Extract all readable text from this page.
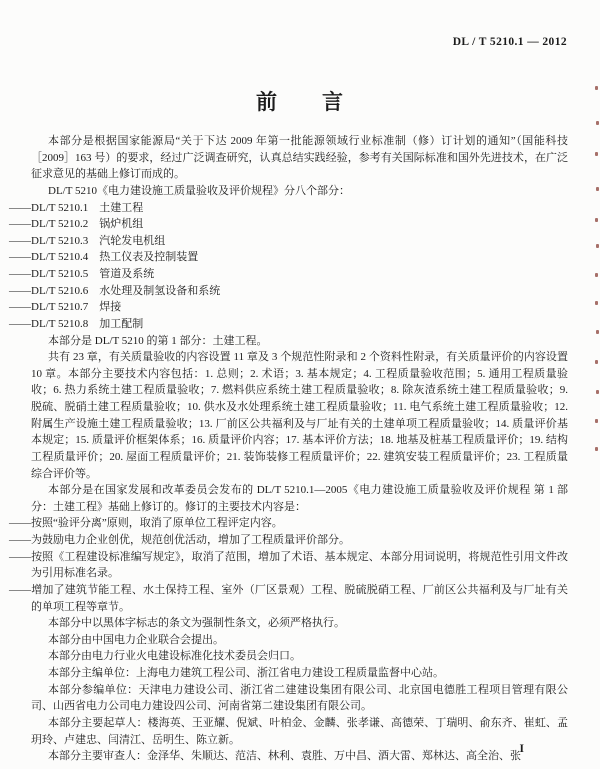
DL / T 5210.1 — 2012
前　　言

本部分是根据国家能源局“关于下达 2009 年第一批能源领域行业标准制（修）订计划的通知”（国能科技［2009］163 号）的要求，经过广泛调查研究，认真总结实践经验，参考有关国际标准和国外先进技术，在广泛征求意见的基础上修订而成的。

DL/T 5210《电力建设施工质量验收及评价规程》分八个部分：

——DL/T 5210.1　土建工程

——DL/T 5210.2　锅炉机组

——DL/T 5210.3　汽轮发电机组

——DL/T 5210.4　热工仪表及控制装置

——DL/T 5210.5　管道及系统

——DL/T 5210.6　水处理及制氢设备和系统

——DL/T 5210.7　焊接

——DL/T 5210.8　加工配制

本部分是 DL/T 5210 的第 1 部分：土建工程。

共有 23 章，有关质量验收的内容设置 11 章及 3 个规范性附录和 2 个资料性附录，有关质量评价的内容设置 10 章。本部分主要技术内容包括：1. 总则；2. 术语；3. 基本规定；4. 工程质量验收范围；5. 通用工程质量验收；6. 热力系统土建工程质量验收；7. 燃料供应系统土建工程质量验收；8. 除灰渣系统土建工程质量验收；9. 脱硫、脱硝土建工程质量验收；10. 供水及水处理系统土建工程质量验收；11. 电气系统土建工程质量验收；12. 附属生产设施土建工程质量验收；13. 厂前区公共福利及与厂址有关的土建单项工程质量验收；14. 质量评价基本规定；15. 质量评价框架体系；16. 质量评价内容；17. 基本评价方法；18. 地基及桩基工程质量评价；19. 结构工程质量评价；20. 屋面工程质量评价；21. 装饰装修工程质量评价；22. 建筑安装工程质量评价；23. 工程质量综合评价等。

本部分是在国家发展和改革委员会发布的 DL/T 5210.1—2005《电力建设施工质量验收及评价规程 第 1 部分：土建工程》基础上修订的。修订的主要技术内容是：

——按照“验评分离”原则，取消了原单位工程评定内容。

——为鼓励电力企业创优，规范创优活动，增加了工程质量评价部分。

——按照《工程建设标准编写规定》，取消了范围，增加了术语、基本规定、本部分用词说明，将规范性引用文件改为引用标准名录。

——增加了建筑节能工程、水土保持工程、室外（厂区景观）工程、脱硫脱硝工程、厂前区公共福利及与厂址有关的单项工程等章节。

本部分中以黑体字标志的条文为强制性条文，必须严格执行。

本部分由中国电力企业联合会提出。

本部分由电力行业火电建设标准化技术委员会归口。

本部分主编单位：上海电力建筑工程公司、浙江省电力建设工程质量监督中心站。

本部分参编单位：天津电力建设公司、浙江省二建建设集团有限公司、北京国电德胜工程项目管理有限公司、山西省电力公司电力建设四公司、河南省第二建设集团有限公司。

本部分主要起草人：楼海英、王亚耀、倪斌、叶柏金、金麟、张孝谦、高德荣、丁瑞明、俞东齐、崔虹、孟玥玲、卢建忠、闫清江、岳明生、陈立新。

本部分主要审查人：金泽华、朱顺达、范洁、林利、袁胜、万中昌、酒大雷、郑林达、高全治、张

I
